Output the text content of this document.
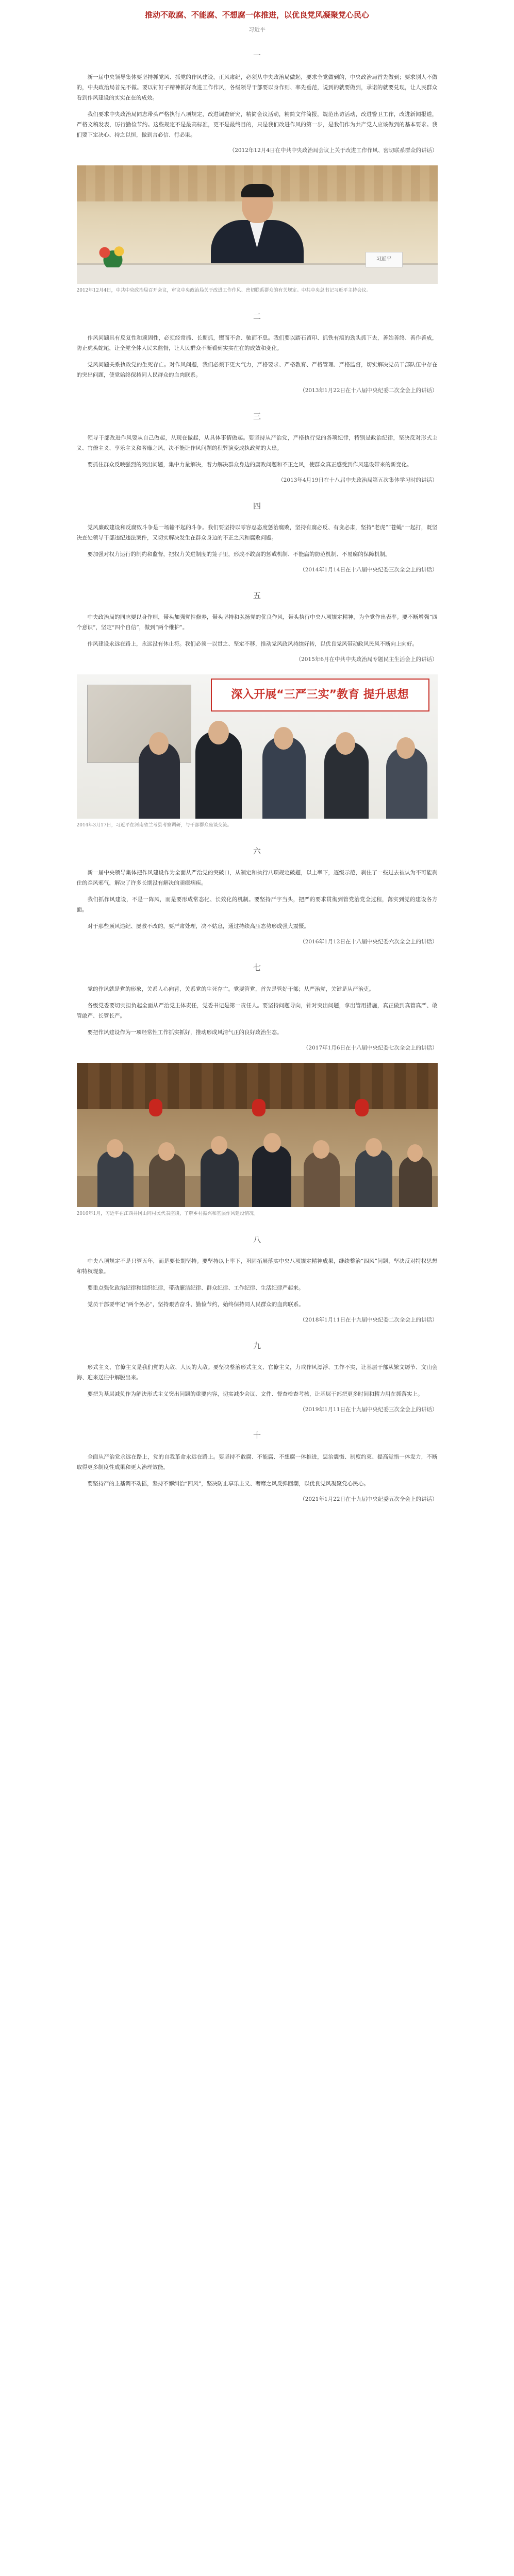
推动不敢腐、不能腐、不想腐一体推进，以优良党风凝聚党心民心
习近平
一

新一届中央领导集体要坚持抓党风、抓党的作风建设，正风肃纪，必须从中央政治局做起，要求全党做到的，中央政治局首先做到；要求别人不做的，中央政治局首先不做。要以钉钉子精神抓好改进工作作风，各级领导干部要以身作则、率先垂范，说到的就要做到，承诺的就要兑现，让人民群众看到作风建设的实实在在的成效。

我们要求中央政治局同志带头严格执行八项规定，改进调查研究，精简会议活动，精简文件简报，规范出访活动，改进警卫工作，改进新闻报道，严格文稿发表，厉行勤俭节约。这些规定不是最高标准，更不是最终目的，只是我们改进作风的第一步，是我们作为共产党人应该做到的基本要求。我们要下定决心、持之以恒，做到言必信、行必果。

（2012年12月4日在中共中央政治局会议上关于改进工作作风、密切联系群众的讲话）

习近平
2012年12月4日，中共中央政治局召开会议，审议中央政治局关于改进工作作风、密切联系群众的有关规定。中共中央总书记习近平主持会议。
二

作风问题具有反复性和顽固性，必须经常抓、长期抓，锲而不舍、驰而不息。我们要以踏石留印、抓铁有痕的劲头抓下去，善始善终、善作善成，防止虎头蛇尾，让全党全体人民来监督，让人民群众不断看到实实在在的成效和变化。

党风问题关系执政党的生死存亡。对作风问题，我们必须下更大气力，严格要求、严格教育、严格管理、严格监督，切实解决党员干部队伍中存在的突出问题，使党始终保持同人民群众的血肉联系。

（2013年1月22日在十八届中央纪委二次全会上的讲话）

三

领导干部改进作风要从自己做起，从现在做起，从具体事情做起。要坚持从严治党，严格执行党的各项纪律，特别是政治纪律，坚决反对形式主义、官僚主义、享乐主义和奢靡之风，决不能让作风问题的积弊演变成执政党的大患。

要抓住群众反映强烈的突出问题，集中力量解决，着力解决群众身边的腐败问题和不正之风，使群众真正感受到作风建设带来的新变化。

（2013年4月19日在十八届中央政治局第五次集体学习时的讲话）

四

党风廉政建设和反腐败斗争是一场输不起的斗争。我们要坚持以零容忍态度惩治腐败，坚持有腐必反、有贪必肃，坚持“老虎”“苍蝇”一起打，既坚决查处领导干部违纪违法案件，又切实解决发生在群众身边的不正之风和腐败问题。

要加强对权力运行的制约和监督，把权力关进制度的笼子里，形成不敢腐的惩戒机制、不能腐的防范机制、不易腐的保障机制。

（2014年1月14日在十八届中央纪委三次全会上的讲话）

五

中央政治局的同志要以身作则，带头加强党性修养，带头坚持和弘扬党的优良作风，带头执行中央八项规定精神，为全党作出表率。要不断增强“四个意识”，坚定“四个自信”，做到“两个维护”。

作风建设永远在路上，永远没有休止符。我们必须一以贯之、坚定不移，推动党风政风持续好转，以优良党风带动政风民风不断向上向好。

（2015年6月在中共中央政治局专题民主生活会上的讲话）

深入开展“三严三实”教育 提升思想
2014年3月17日，习近平在河南省兰考县考察调研，与干部群众座谈交流。
六

新一届中央领导集体把作风建设作为全面从严治党的突破口，从制定和执行八项规定破题，以上率下，逐级示范，刹住了一些过去被认为不可能刹住的歪风邪气，解决了许多长期没有解决的顽瘴痼疾。

我们抓作风建设，不是一阵风，而是要形成常态化、长效化的机制。要坚持严字当头，把严的要求贯彻到管党治党全过程，落实到党的建设各方面。

对于那些顶风违纪、屡教不改的，要严肃处理，决不姑息，通过持续高压态势形成强大震慑。

（2016年1月12日在十八届中央纪委六次全会上的讲话）

七

党的作风就是党的形象，关系人心向背，关系党的生死存亡。党要管党，首先是管好干部；从严治党，关键是从严治吏。

各级党委要切实担负起全面从严治党主体责任，党委书记是第一责任人。要坚持问题导向，针对突出问题，拿出管用措施，真正做到真管真严、敢管敢严、长管长严。

要把作风建设作为一项经常性工作抓实抓好，推动形成风清气正的良好政治生态。

（2017年1月6日在十八届中央纪委七次全会上的讲话）

2016年1月，习近平在江西井冈山同村民代表座谈，了解乡村振兴和基层作风建设情况。
八

中央八项规定不是只管五年，而是要长期坚持。要坚持以上率下，巩固拓展落实中央八项规定精神成果，继续整治“四风”问题，坚决反对特权思想和特权现象。

要重点强化政治纪律和组织纪律，带动廉洁纪律、群众纪律、工作纪律、生活纪律严起来。

党员干部要牢记“两个务必”，坚持艰苦奋斗、勤俭节约，始终保持同人民群众的血肉联系。

（2018年1月11日在十九届中央纪委二次全会上的讲话）

九

形式主义、官僚主义是我们党的大敌、人民的大敌。要坚决整治形式主义、官僚主义，力戒作风漂浮、工作不实，让基层干部从繁文缛节、文山会海、迎来送往中解脱出来。

要把为基层减负作为解决形式主义突出问题的重要内容，切实减少会议、文件、督查检查考核，让基层干部把更多时间和精力用在抓落实上。

（2019年1月11日在十九届中央纪委三次全会上的讲话）

十

全面从严治党永远在路上，党的自我革命永远在路上。要坚持不敢腐、不能腐、不想腐一体推进，惩治震慑、制度约束、提高觉悟一体发力，不断取得更多制度性成果和更大治理效能。

要坚持严的主基调不动摇，坚持不懈纠治“四风”，坚决防止享乐主义、奢靡之风反弹回潮，以优良党风凝聚党心民心。

（2021年1月22日在十九届中央纪委五次全会上的讲话）
